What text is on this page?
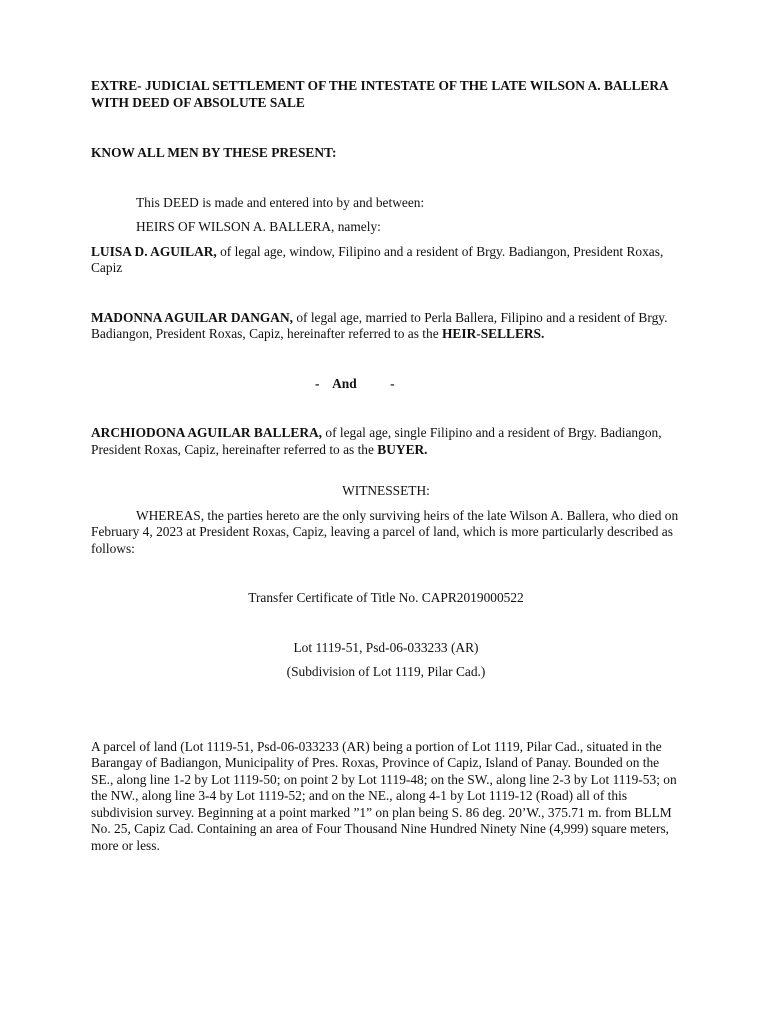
EXTRE- JUDICIAL SETTLEMENT OF THE INTESTATE OF THE LATE WILSON A. BALLERA WITH DEED OF ABSOLUTE SALE

KNOW ALL MEN BY THESE PRESENT:

This DEED is made and entered into by and between:

HEIRS OF WILSON A. BALLERA, namely:

LUISA D. AGUILAR, of legal age, window, Filipino and a resident of Brgy. Badiangon, President Roxas, Capiz

MADONNA AGUILAR DANGAN, of legal age, married to Perla Ballera, Filipino and a resident of Brgy. Badiangon, President Roxas, Capiz, hereinafter referred to as the HEIR-SELLERS.

-    And          -

ARCHIODONA AGUILAR BALLERA, of legal age, single Filipino and a resident of Brgy. Badiangon, President Roxas, Capiz, hereinafter referred to as the BUYER.

WITNESSETH:

WHEREAS, the parties hereto are the only surviving heirs of the late Wilson A. Ballera, who died on February 4, 2023 at President Roxas, Capiz, leaving a parcel of land, which is more particularly described as follows:

Transfer Certificate of Title No. CAPR2019000522

Lot 1119-51, Psd-06-033233 (AR)

(Subdivision of Lot 1119, Pilar Cad.)

A parcel of land (Lot 1119-51, Psd-06-033233 (AR) being a portion of Lot 1119, Pilar Cad., situated in the Barangay of Badiangon, Municipality of Pres. Roxas, Province of Capiz, Island of Panay. Bounded on the SE., along line 1-2 by Lot 1119-50; on point 2 by Lot 1119-48; on the SW., along line 2-3 by Lot 1119-53; on the NW., along line 3-4 by Lot 1119-52; and on the NE., along 4-1 by Lot 1119-12 (Road) all of this subdivision survey. Beginning at a point marked ”1” on plan being S. 86 deg. 20’W., 375.71 m. from BLLM No. 25, Capiz Cad. Containing an area of Four Thousand Nine Hundred Ninety Nine (4,999) square meters, more or less.
